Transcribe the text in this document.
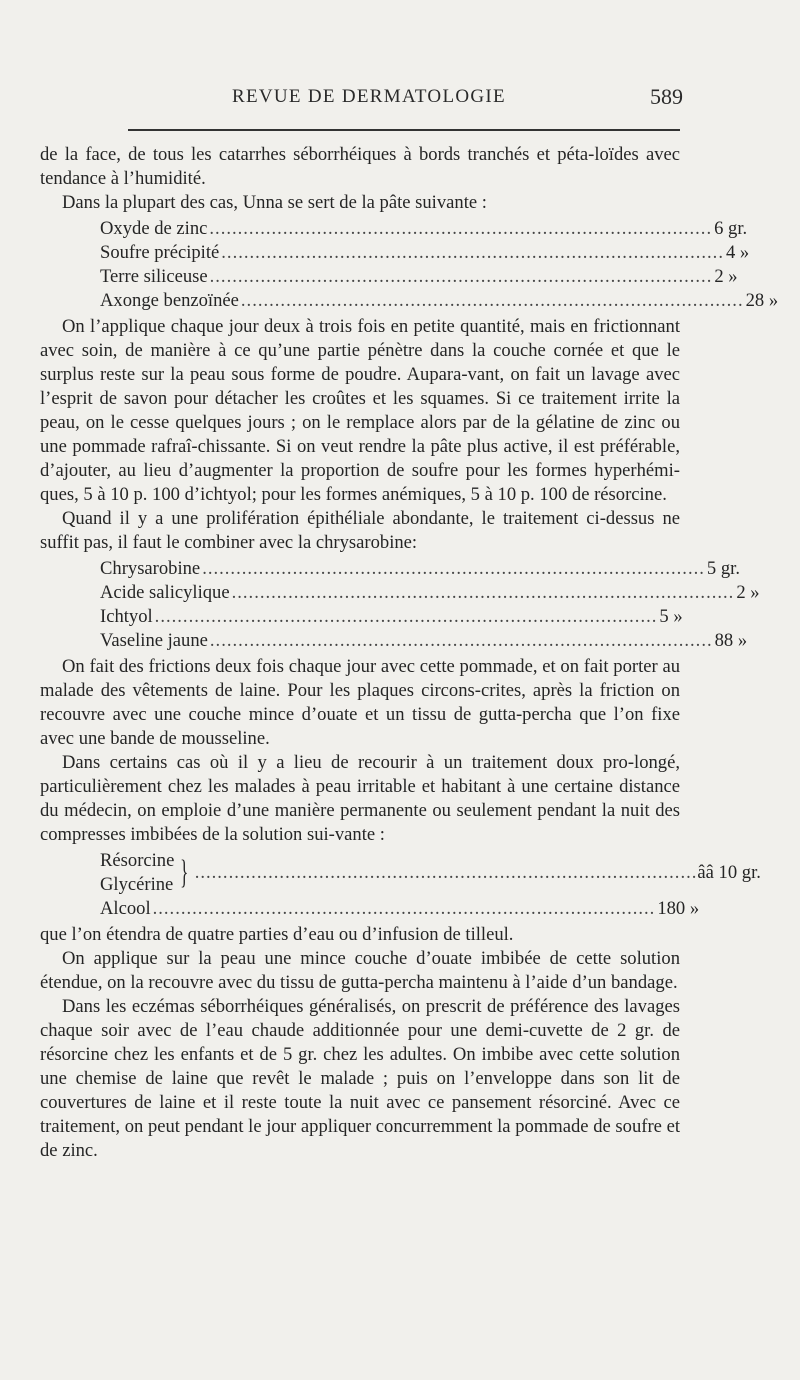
REVUE DE DERMATOLOGIE	589

de la face, de tous les catarrhes séborrhéiques à bords tranchés et péta-loïdes avec tendance à l’humidité.

Dans la plupart des cas, Unna se sert de la pâte suivante :

Oxyde de zinc ......................................................................................... 6 gr.
Soufre précipité ......................................................................................... 4 »
Terre siliceuse ......................................................................................... 2 »
Axonge benzoïnée ......................................................................................... 28 »

On l’applique chaque jour deux à trois fois en petite quantité, mais en frictionnant avec soin, de manière à ce qu’une partie pénètre dans la couche cornée et que le surplus reste sur la peau sous forme de poudre. Aupara-vant, on fait un lavage avec l’esprit de savon pour détacher les croûtes et les squames. Si ce traitement irrite la peau, on le cesse quelques jours ; on le remplace alors par de la gélatine de zinc ou une pommade rafraî-chissante. Si on veut rendre la pâte plus active, il est préférable, d’ajouter, au lieu d’augmenter la proportion de soufre pour les formes hyperhémi-ques, 5 à 10 p. 100 d’ichtyol; pour les formes anémiques, 5 à 10 p. 100 de résorcine.

Quand il y a une prolifération épithéliale abondante, le traitement ci-dessus ne suffit pas, il faut le combiner avec la chrysarobine:

Chrysarobine ......................................................................................... 5 gr.
Acide salicylique ......................................................................................... 2 »
Ichtyol ......................................................................................... 5 »
Vaseline jaune ......................................................................................... 88 »

On fait des frictions deux fois chaque jour avec cette pommade, et on fait porter au malade des vêtements de laine. Pour les plaques circons-crites, après la friction on recouvre avec une couche mince d’ouate et un tissu de gutta-percha que l’on fixe avec une bande de mousseline.

Dans certains cas où il y a lieu de recourir à un traitement doux pro-longé, particulièrement chez les malades à peau irritable et habitant à une certaine distance du médecin, on emploie d’une manière permanente ou seulement pendant la nuit des compresses imbibées de la solution sui-vante :

Résorcine
Glycérine } ......................................................................................... ââ 10 gr.
Alcool ......................................................................................... 180 »

que l’on étendra de quatre parties d’eau ou d’infusion de tilleul.

On applique sur la peau une mince couche d’ouate imbibée de cette solution étendue, on la recouvre avec du tissu de gutta-percha maintenu à l’aide d’un bandage.

Dans les eczémas séborrhéiques généralisés, on prescrit de préférence des lavages chaque soir avec de l’eau chaude additionnée pour une demi-cuvette de 2 gr. de résorcine chez les enfants et de 5 gr. chez les adultes. On imbibe avec cette solution une chemise de laine que revêt le malade ; puis on l’enveloppe dans son lit de couvertures de laine et il reste toute la nuit avec ce pansement résorciné. Avec ce traitement, on peut pendant le jour appliquer concurremment la pommade de soufre et de zinc.
